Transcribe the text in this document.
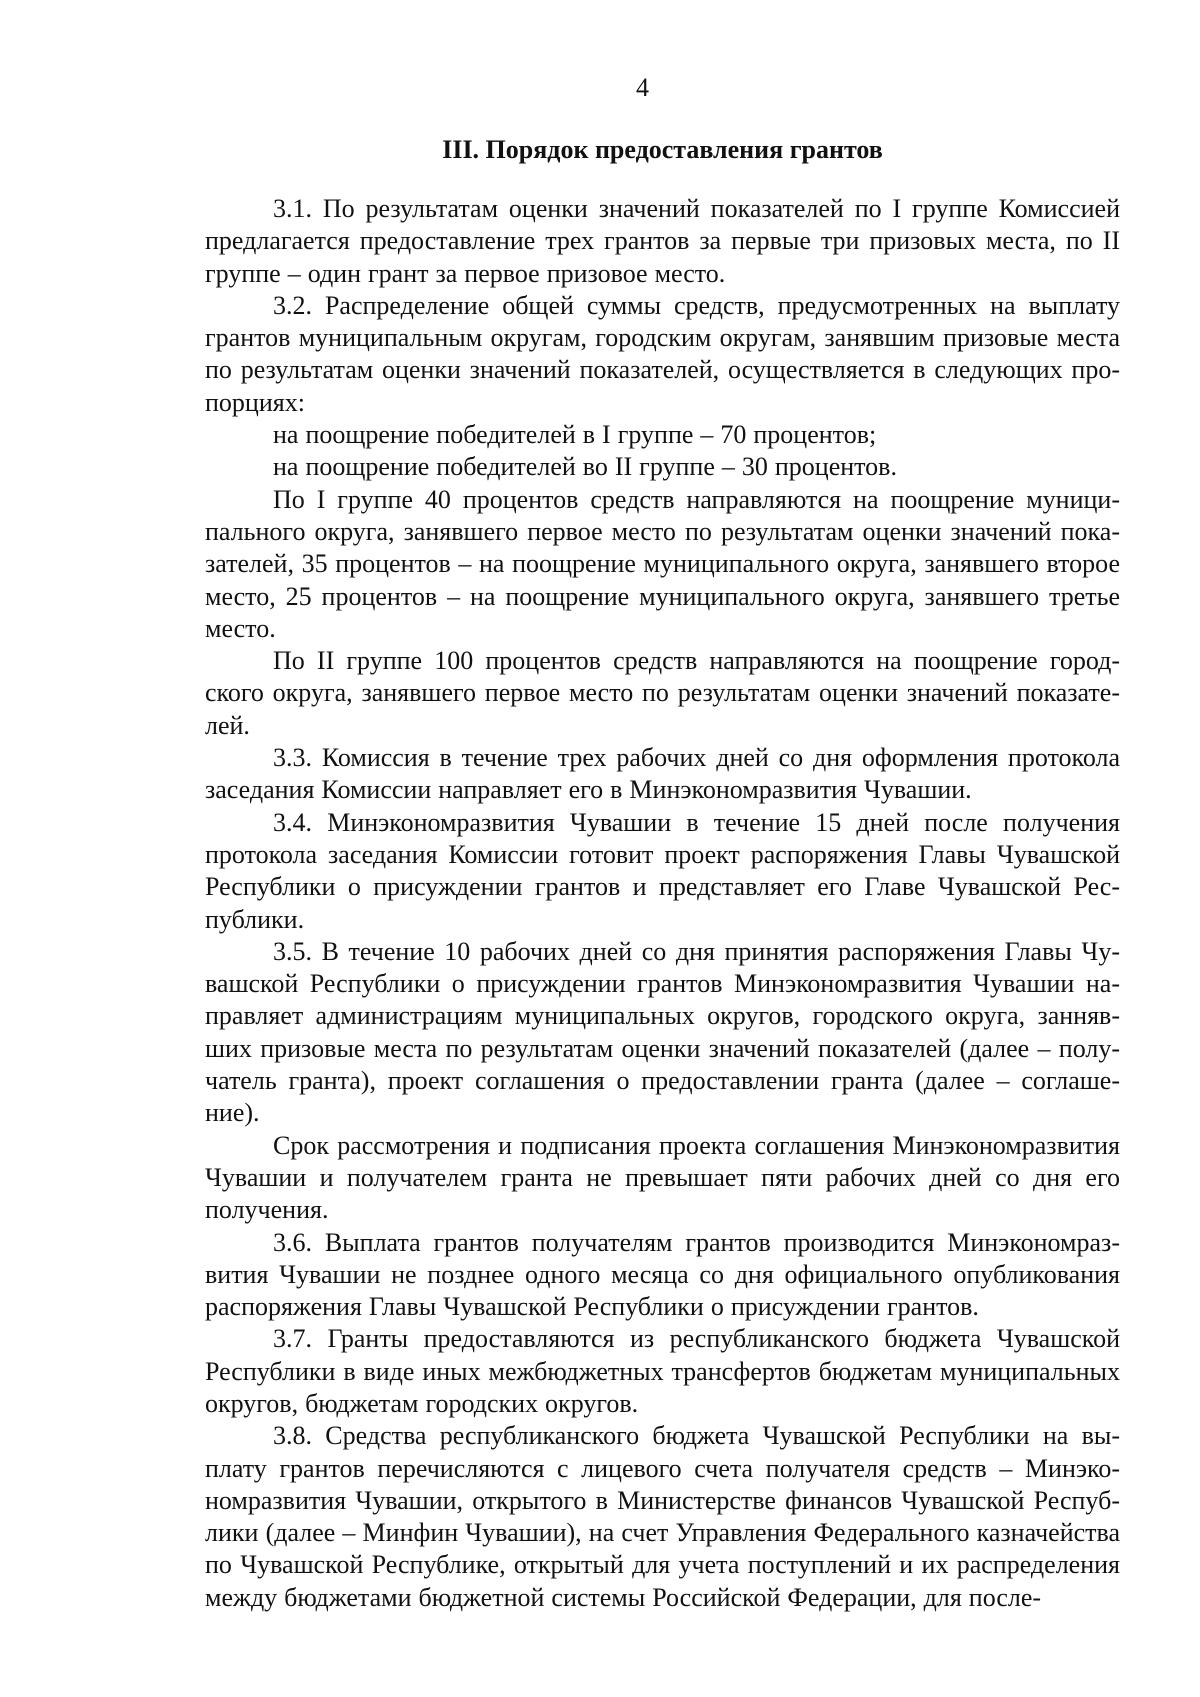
4
III. Порядок предоставления грантов

3.1. По результатам оценки значений показателей по I группе Комиссией предлагается предоставление трех грантов за первые три призовых места, по II группе – один грант за первое призовое место.

3.2. Распределение общей суммы средств, предусмотренных на выплату грантов муниципальным округам, городским округам, занявшим призовые места по результатам оценки значений показателей, осуществляется в следующих пропорциях:

на поощрение победителей в I группе – 70 процентов;

на поощрение победителей во II группе – 30 процентов.

По I группе 40 процентов средств направляются на поощрение муниципального округа, занявшего первое место по результатам оценки значений показателей, 35 процентов – на поощрение муниципального округа, занявшего второе место, 25 процентов – на поощрение муниципального округа, занявшего третье место.

По II группе 100 процентов средств направляются на поощрение городского округа, занявшего первое место по результатам оценки значений показателей.

3.3. Комиссия в течение трех рабочих дней со дня оформления протокола заседания Комиссии направляет его в Минэкономразвития Чувашии.

3.4. Минэкономразвития Чувашии в течение 15 дней после получения протокола заседания Комиссии готовит проект распоряжения Главы Чувашской Республики о присуждении грантов и представляет его Главе Чувашской Республики.

3.5. В течение 10 рабочих дней со дня принятия распоряжения Главы Чувашской Республики о присуждении грантов Минэкономразвития Чувашии направляет администрациям муниципальных округов, городского округа, заннявших призовые места по результатам оценки значений показателей (далее – получатель гранта), проект соглашения о предоставлении гранта (далее – соглашение).

Срок рассмотрения и подписания проекта соглашения Минэкономразвития Чувашии и получателем гранта не превышает пяти рабочих дней со дня его получения.

3.6. Выплата грантов получателям грантов производится Минэкономразвития Чувашии не позднее одного месяца со дня официального опубликования распоряжения Главы Чувашской Республики о присуждении грантов.

3.7. Гранты предоставляются из республиканского бюджета Чувашской Республики в виде иных межбюджетных трансфертов бюджетам муниципальных округов, бюджетам городских округов.

3.8. Средства республиканского бюджета Чувашской Республики на выплату грантов перечисляются с лицевого счета получателя средств – Минэкономразвития Чувашии, открытого в Министерстве финансов Чувашской Республики (далее – Минфин Чувашии), на счет Управления Федерального казначейства по Чувашской Республике, открытый для учета поступлений и их распределения между бюджетами бюджетной системы Российской Федерации, для после-
